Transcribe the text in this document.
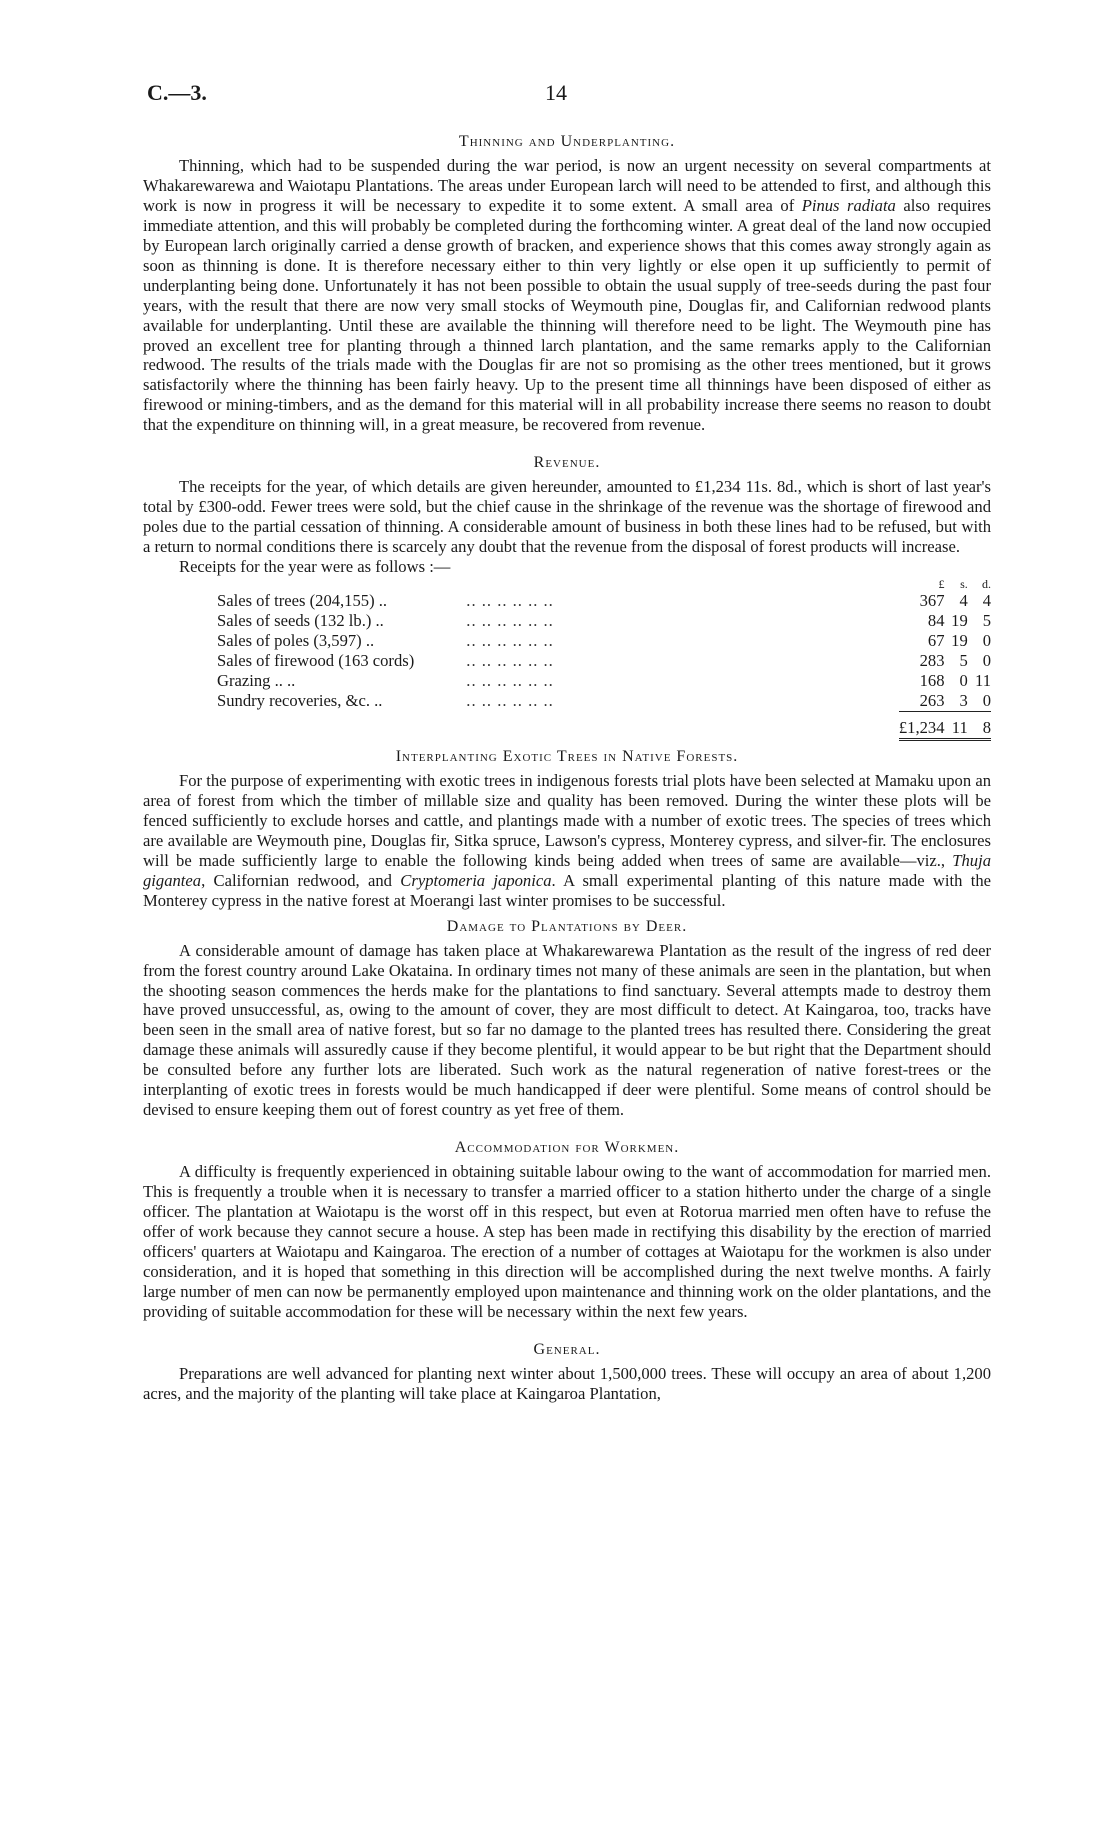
C.—3.	14
Thinning and Underplanting.

Thinning, which had to be suspended during the war period, is now an urgent necessity on several compartments at Whakarewarewa and Waiotapu Plantations. The areas under European larch will need to be attended to first, and although this work is now in progress it will be necessary to expedite it to some extent. A small area of Pinus radiata also requires immediate attention, and this will probably be completed during the forthcoming winter. A great deal of the land now occupied by European larch originally carried a dense growth of bracken, and experience shows that this comes away strongly again as soon as thinning is done. It is therefore necessary either to thin very lightly or else open it up sufficiently to permit of underplanting being done. Unfortunately it has not been possible to obtain the usual supply of tree-seeds during the past four years, with the result that there are now very small stocks of Weymouth pine, Douglas fir, and Californian redwood plants available for underplanting. Until these are available the thinning will therefore need to be light. The Weymouth pine has proved an excellent tree for planting through a thinned larch plantation, and the same remarks apply to the Californian redwood. The results of the trials made with the Douglas fir are not so promising as the other trees mentioned, but it grows satisfactorily where the thinning has been fairly heavy. Up to the present time all thinnings have been disposed of either as firewood or mining-timbers, and as the demand for this material will in all probability increase there seems no reason to doubt that the expenditure on thinning will, in a great measure, be recovered from revenue.

Revenue.

The receipts for the year, of which details are given hereunder, amounted to £1,234 11s. 8d., which is short of last year's total by £300-odd. Fewer trees were sold, but the chief cause in the shrinkage of the revenue was the shortage of firewood and poles due to the partial cessation of thinning. A considerable amount of business in both these lines had to be refused, but with a return to normal conditions there is scarcely any doubt that the revenue from the disposal of forest products will increase.

Receipts for the year were as follows :—
		£	s.	d.
Sales of trees (204,155) ..	.. .. .. .. .. ..	367	4	4
Sales of seeds (132 lb.) ..	.. .. .. .. .. ..	84	19	5
Sales of poles (3,597) ..	.. .. .. .. .. ..	67	19	0
Sales of firewood (163 cords)	.. .. .. .. .. ..	283	5	0
Grazing .. ..	.. .. .. .. .. ..	168	0	11
Sundry recoveries, &c. ..	.. .. .. .. .. ..	263	3	0
		£1,234	11	8
Interplanting Exotic Trees in Native Forests.

For the purpose of experimenting with exotic trees in indigenous forests trial plots have been selected at Mamaku upon an area of forest from which the timber of millable size and quality has been removed. During the winter these plots will be fenced sufficiently to exclude horses and cattle, and plantings made with a number of exotic trees. The species of trees which are available are Weymouth pine, Douglas fir, Sitka spruce, Lawson's cypress, Monterey cypress, and silver-fir. The enclosures will be made sufficiently large to enable the following kinds being added when trees of same are available—viz., Thuja gigantea, Californian redwood, and Cryptomeria japonica. A small experimental planting of this nature made with the Monterey cypress in the native forest at Moerangi last winter promises to be successful.

Damage to Plantations by Deer.

A considerable amount of damage has taken place at Whakarewarewa Plantation as the result of the ingress of red deer from the forest country around Lake Okataina. In ordinary times not many of these animals are seen in the plantation, but when the shooting season commences the herds make for the plantations to find sanctuary. Several attempts made to destroy them have proved unsuccessful, as, owing to the amount of cover, they are most difficult to detect. At Kaingaroa, too, tracks have been seen in the small area of native forest, but so far no damage to the planted trees has resulted there. Considering the great damage these animals will assuredly cause if they become plentiful, it would appear to be but right that the Department should be consulted before any further lots are liberated. Such work as the natural regeneration of native forest-trees or the interplanting of exotic trees in forests would be much handicapped if deer were plentiful. Some means of control should be devised to ensure keeping them out of forest country as yet free of them.

Accommodation for Workmen.

A difficulty is frequently experienced in obtaining suitable labour owing to the want of accommodation for married men. This is frequently a trouble when it is necessary to transfer a married officer to a station hitherto under the charge of a single officer. The plantation at Waiotapu is the worst off in this respect, but even at Rotorua married men often have to refuse the offer of work because they cannot secure a house. A step has been made in rectifying this disability by the erection of married officers' quarters at Waiotapu and Kaingaroa. The erection of a number of cottages at Waiotapu for the workmen is also under consideration, and it is hoped that something in this direction will be accomplished during the next twelve months. A fairly large number of men can now be permanently employed upon maintenance and thinning work on the older plantations, and the providing of suitable accommodation for these will be necessary within the next few years.

General.

Preparations are well advanced for planting next winter about 1,500,000 trees. These will occupy an area of about 1,200 acres, and the majority of the planting will take place at Kaingaroa Plantation,
